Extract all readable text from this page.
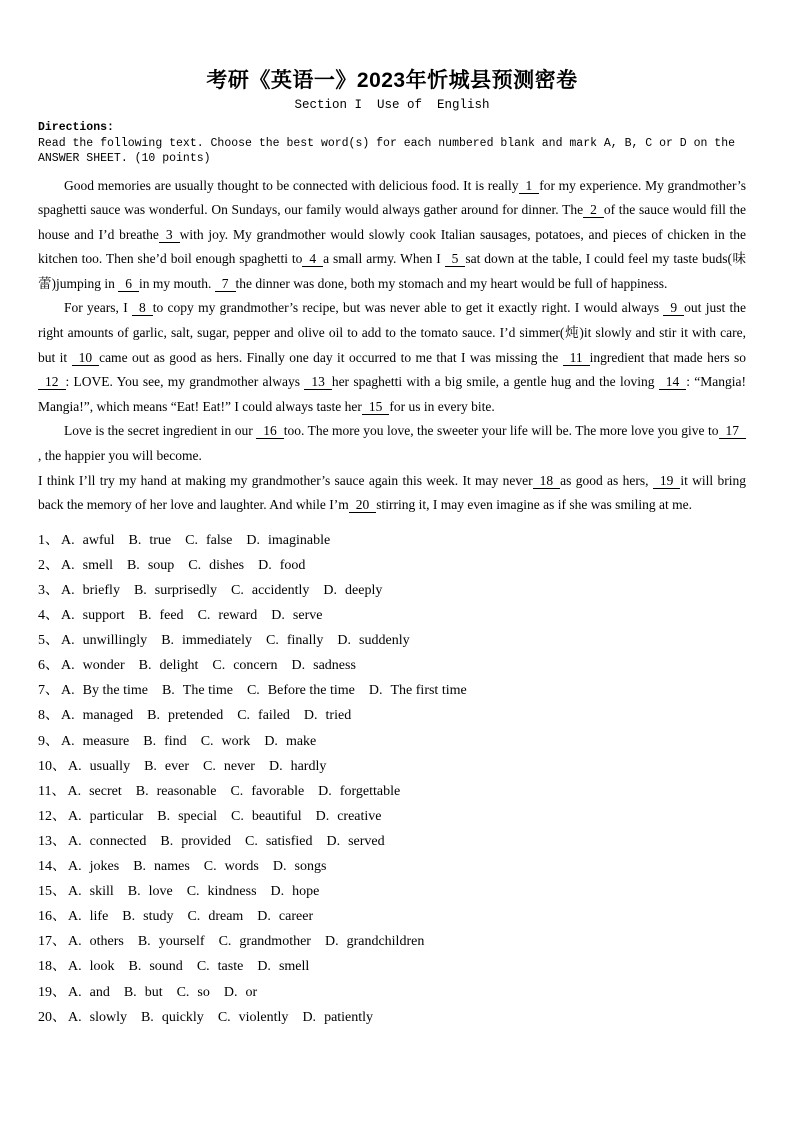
考研《英语一》2023年忻城县预测密卷
Section I  Use of  English
Directions:
Read the following text. Choose the best word(s) for each numbered blank and mark A, B, C or D on the ANSWER SHEET. (10 points)

Good memories are usually thought to be connected with delicious food. It is really 1 for my experience. My grandmother’s spaghetti sauce was wonderful. On Sundays, our family would always gather around for dinner. The 2 of the sauce would fill the house and I’d breathe 3 with joy. My grandmother would slowly cook Italian sausages, potatoes, and pieces of chicken in the kitchen too. Then she’d boil enough spaghetti to 4 a small army. When I 5 sat down at the table, I could feel my taste buds(味蕾)jumping in 6 in my mouth. 7 the dinner was done, both my stomach and my heart would be full of happiness.

For years, I 8 to copy my grandmother’s recipe, but was never able to get it exactly right. I would always 9 out just the right amounts of garlic, salt, sugar, pepper and olive oil to add to the tomato sauce. I’d simmer(炖)it slowly and stir it with care, but it 10 came out as good as hers. Finally one day it occurred to me that I was missing the 11 ingredient that made hers so 12 : LOVE. You see, my grandmother always 13 her spaghetti with a big smile, a gentle hug and the loving 14 : “Mangia! Mangia!”, which means “Eat! Eat!” I could always taste her 15 for us in every bite.

Love is the secret ingredient in our 16 too. The more you love, the sweeter your life will be. The more love you give to 17, the happier you will become.

I think I’ll try my hand at making my grandmother’s sauce again this week. It may never 18 as good as hers, 19 it will bring back the memory of her love and laughter. And while I’m 20 stirring it, I may even imagine as if she was smiling at me.

1、 A. awful B. true C. false D. imaginable
2、 A. smell B. soup C. dishes D. food
3、 A. briefly B. surprisedly C. accidently D. deeply
4、 A. support B. feed C. reward D. serve
5、 A. unwillingly B. immediately C. finally D. suddenly
6、 A. wonder B. delight C. concern D. sadness
7、 A. By the time B. The time C. Before the time D. The first time
8、 A. managed B. pretended C. failed D. tried
9、 A. measure B. find C. work D. make
10、 A. usually B. ever C. never D. hardly
11、 A. secret B. reasonable C. favorable D. forgettable
12、 A. particular B. special C. beautiful D. creative
13、 A. connected B. provided C. satisfied D. served
14、 A. jokes B. names C. words D. songs
15、 A. skill B. love C. kindness D. hope
16、 A. life B. study C. dream D. career
17、 A. others B. yourself C. grandmother D. grandchildren
18、 A. look B. sound C. taste D. smell
19、 A. and B. but C. so D. or
20、 A. slowly B. quickly C. violently D. patiently
